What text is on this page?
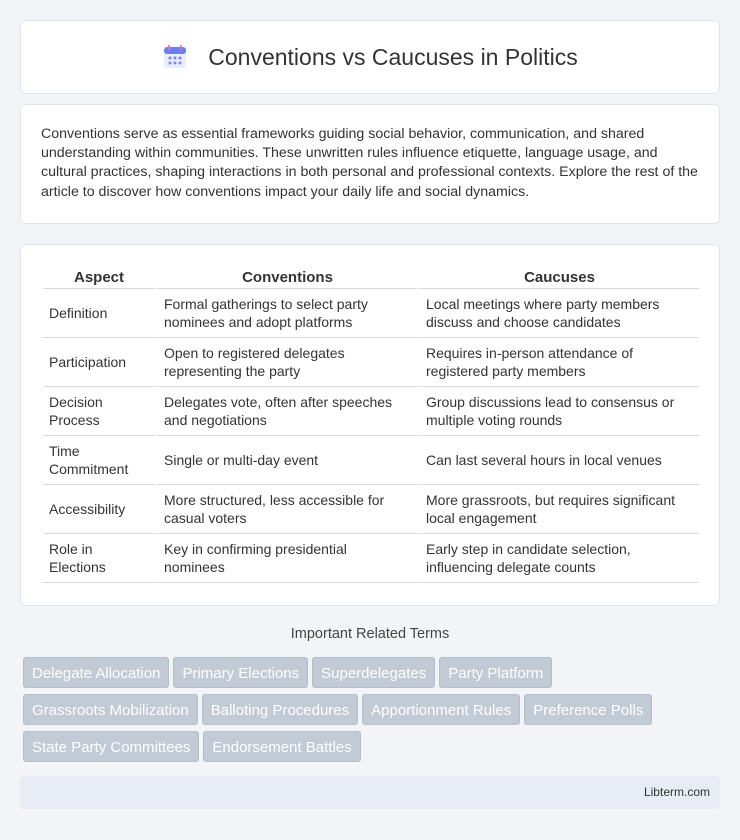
Conventions vs Caucuses in Politics

Conventions serve as essential frameworks guiding social behavior, communication, and shared understanding within communities. These unwritten rules influence etiquette, language usage, and cultural practices, shaping interactions in both personal and professional contexts. Explore the rest of the article to discover how conventions impact your daily life and social dynamics.

Aspect	Conventions	Caucuses
Definition	Formal gatherings to select party nominees and adopt platforms	Local meetings where party members discuss and choose candidates
Participation	Open to registered delegates representing the party	Requires in-person attendance of registered party members
Decision Process	Delegates vote, often after speeches and negotiations	Group discussions lead to consensus or multiple voting rounds
Time Commitment	Single or multi-day event	Can last several hours in local venues
Accessibility	More structured, less accessible for casual voters	More grassroots, but requires significant local engagement
Role in Elections	Key in confirming presidential nominees	Early step in candidate selection, influencing delegate counts
Important Related Terms
Delegate Allocation Primary Elections Superdelegates Party Platform
Grassroots Mobilization Balloting Procedures Apportionment Rules Preference Polls
State Party Committees Endorsement Battles
Libterm.com
